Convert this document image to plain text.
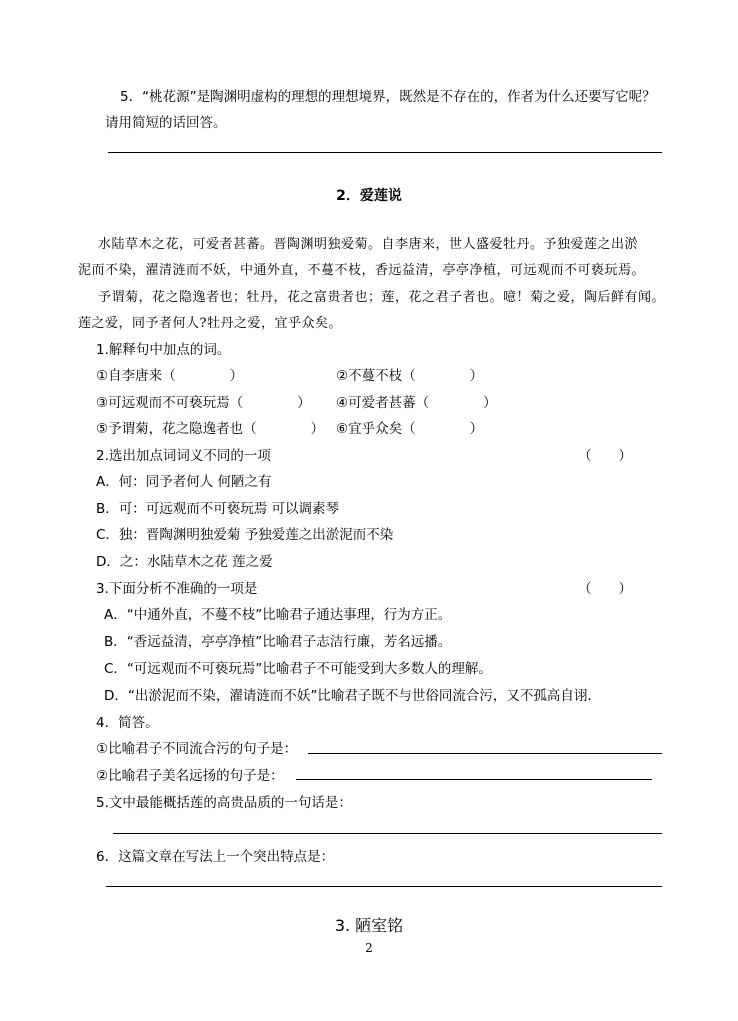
5．“桃花源”是陶渊明虚构的理想的理想境界，既然是不存在的，作者为什么还要写它呢？
请用简短的话回答。
2．爱莲说
水陆草木之花，可爱者甚蕃。晋陶渊明独爱菊。自李唐来，世人盛爱牡丹。予独爱莲之出淤
泥而不染，濯清涟而不妖，中通外直，不蔓不枝，香远益清，亭亭净植，可远观而不可亵玩焉。
予谓菊，花之隐逸者也；牡丹，花之富贵者也；莲，花之君子者也。噫！菊之爱，陶后鲜有闻。
莲之爱，同予者何人?牡丹之爱，宜乎众矣。
1.解释句中加点的词。
①自李唐来（　　　　）	②不蔓不枝（　　　　）
③可远观而不可亵玩焉（　　　　） ④可爱者甚蕃（　　　　）
⑤予谓菊，花之隐逸者也（　　　　） ⑥宜乎众矣（　　　　）
2.选出加点词词义不同的一项	（　　）
A．何：同予者何人 何陋之有
B．可：可远观而不可亵玩焉 可以调素琴
C．独：晋陶渊明独爱菊 予独爱莲之出淤泥而不染
D．之：水陆草木之花 莲之爱
3.下面分析不准确的一项是	（　　）
A．“中通外直，不蔓不枝”比喻君子通达事理，行为方正。
B．“香远益清，亭亭净植”比喻君子志洁行廉，芳名远播。
C．“可远观而不可亵玩焉”比喻君子不可能受到大多数人的理解。
D．“出淤泥而不染，濯请涟而不妖”比喻君子既不与世俗同流合污，又不孤高自诩.
4．简答。
①比喻君子不同流合污的句子是：
②比喻君子美名远扬的句子是：
5.文中最能概括莲的高贵品质的一句话是：
6．这篇文章在写法上一个突出特点是：
3. 陋室铭
2
